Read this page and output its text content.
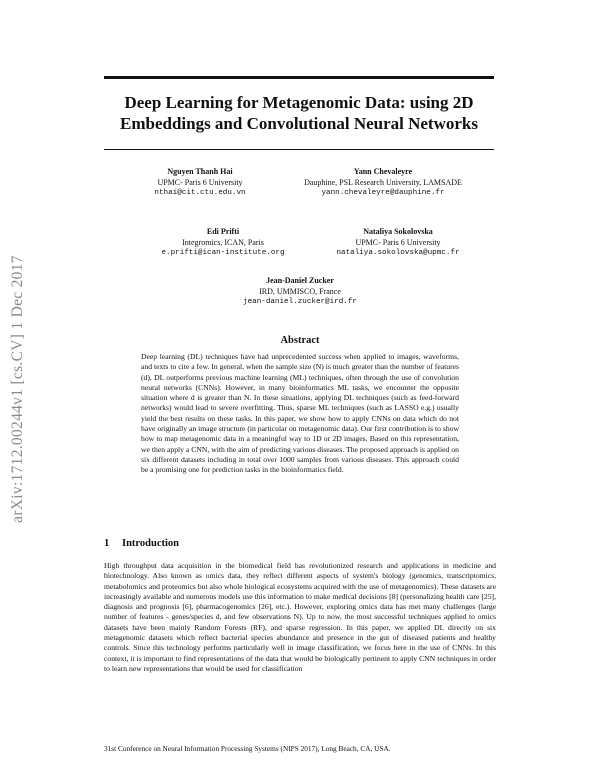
arXiv:1712.00244v1 [cs.CV] 1 Dec 2017
Deep Learning for Metagenomic Data: using 2D Embeddings and Convolutional Neural Networks
Nguyen Thanh Hai
UPMC- Paris 6 University
nthai@cit.ctu.edu.vn
Yann Chevaleyre
Dauphine, PSL Research University, LAMSADE
yann.chevaleyre@dauphine.fr
Edi Prifti
Integromics, ICAN, Paris
e.prifti@ican-institute.org
Nataliya Sokolovska
UPMC- Paris 6 University
nataliya.sokolovska@upmc.fr
Jean-Daniel Zucker
IRD, UMMISCO, France
jean-daniel.zucker@ird.fr
Abstract
Deep learning (DL) techniques have had unprecedented success when applied to images, waveforms, and texts to cite a few. In general, when the sample size (N) is much greater than the number of features (d), DL outperforms previous machine learning (ML) techniques, often through the use of convolution neural networks (CNNs). However, in many bioinformatics ML tasks, we encounter the opposite situation where d is greater than N. In these situations, applying DL techniques (such as feed-forward networks) would lead to severe overfitting. Thus, sparse ML techniques (such as LASSO e.g.) usually yield the best results on these tasks. In this paper, we show how to apply CNNs on data which do not have originally an image structure (in particular on metagenomic data). Our first contribution is to show how to map metagenomic data in a meaningful way to 1D or 2D images. Based on this representation, we then apply a CNN, with the aim of predicting various diseases. The proposed approach is applied on six different datasets including in total over 1000 samples from various diseases. This approach could be a promising one for prediction tasks in the bioinformatics field.
1 Introduction
High throughput data acquisition in the biomedical field has revolutionized research and applications in medicine and biotechnology. Also known as omics data, they reflect different aspects of system's biology (genomics, transcriptomics, metabolomics and proteomics but also whole biological ecosystems acquired with the use of metagenomics). These datasets are increasingly available and numerous models use this information to make medical decisions [8] (personalizing health care [25], diagnosis and prognosis [6], pharmacogenomics [26], etc.). However, exploring omics data has met many challenges (large number of features - genes/species d, and few observations N). Up to now, the most successful techniques applied to omics datasets have been mainly Random Forests (RF), and sparse regression. In this paper, we applied DL directly on six metagenomic datasets which reflect bacterial species abundance and presence in the gut of diseased patients and healthy controls. Since this technology performs particularly well in image classification, we focus here in the use of CNNs. In this context, it is important to find representations of the data that would be biologically pertinent to apply CNN techniques in order to learn new representations that would be used for classification
31st Conference on Neural Information Processing Systems (NIPS 2017), Long Beach, CA, USA.
